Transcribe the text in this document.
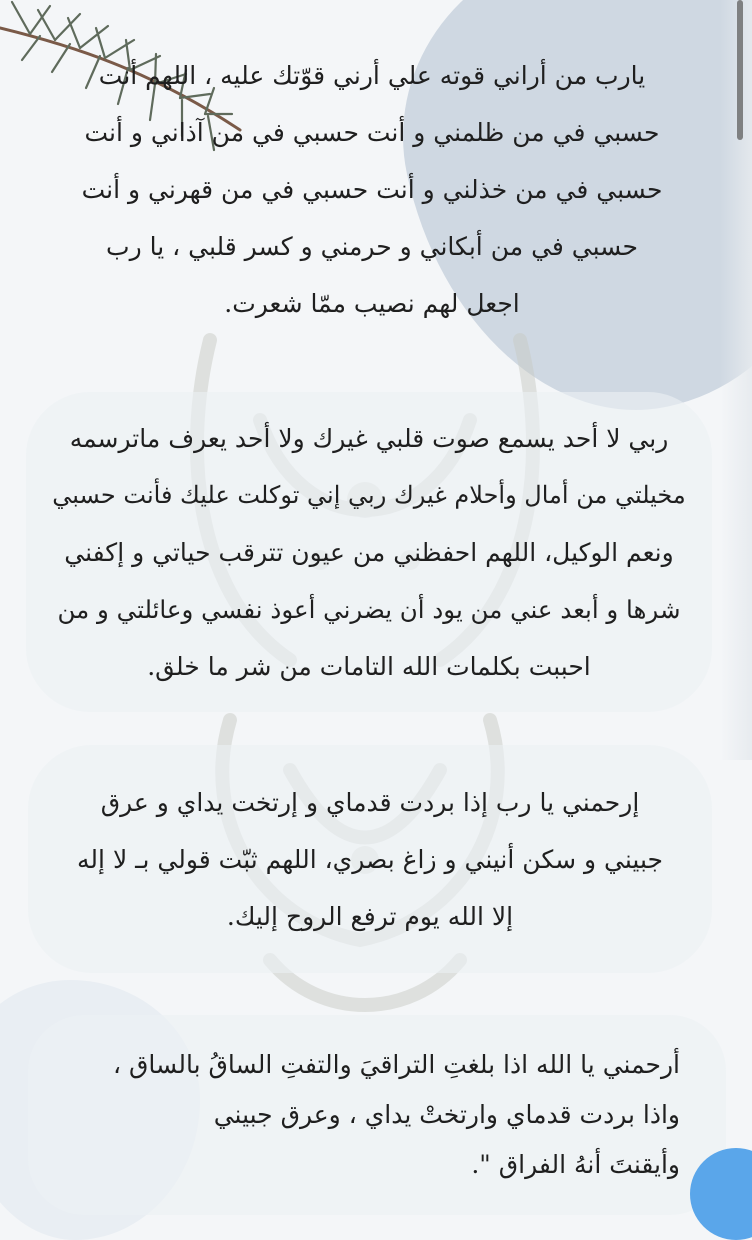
يارب من أراني قوته علي أرني قوّتك عليه ، اللهم أنت

حسبي في من ظلمني و أنت حسبي في من آذاني و أنت

حسبي في من خذلني و أنت حسبي في من قهرني و أنت

حسبي في من أبكاني و حرمني و كسر قلبي ، يا رب

اجعل لهم نصيب ممّا شعرت.

ربي لا أحد يسمع صوت قلبي غيرك ولا أحد يعرف ماترسمه

مخيلتي من أمال وأحلام غيرك ربي إني توكلت عليك فأنت حسبي

ونعم الوكيل، اللهم احفظني من عيون تترقب حياتي و إكفني

شرها و أبعد عني من يود أن يضرني أعوذ نفسي وعائلتي و من

احببت بكلمات الله التامات من شر ما خلق.

إرحمني يا رب إذا بردت قدماي و إرتخت يداي و عرق

جبيني و سكن أنيني و زاغ بصري، اللهم ثبّت قولي بـ لا إله

إلا الله يوم ترفع الروح إليك.

أرحمني يا الله اذا بلغتِ التراقيَ والتفتِ الساقُ بالساق ،

واذا بردت قدماي وارتختْ يداي ، وعرق جبيني

وأيقنتَ أنهُ الفراق ".
